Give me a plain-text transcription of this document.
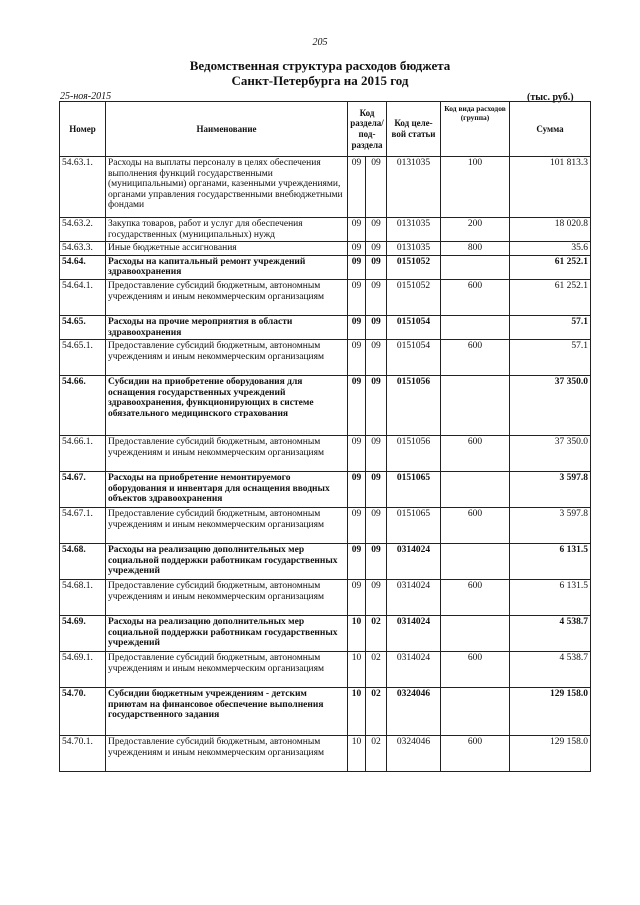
205
Ведомственная структура расходов бюджета
Санкт-Петербурга на 2015 год
25-ноя-2015	(тыс. руб.)
Номер	Наименование	Код раздела/ под- раздела		Код целе- вой статьи	Код вида расходов (группа)	Сумма
54.63.1.	Расходы на выплаты персоналу в целях обеспечения выполнения функций государственными (муниципальными) органами, казенными учреждениями, органами управления государственными внебюджетными фондами	09	09	0131035	100	101 813.3
54.63.2.	Закупка товаров, работ и услуг для обеспечения государственных (муниципальных) нужд	09	09	0131035	200	18 020.8
54.63.3.	Иные бюджетные ассигнования	09	09	0131035	800	35.6
54.64.	Расходы на капитальный ремонт учреждений здравоохранения	09	09	0151052		61 252.1
54.64.1.	Предоставление субсидий бюджетным, автономным учреждениям и иным некоммерческим организациям	09	09	0151052	600	61 252.1
54.65.	Расходы на прочие мероприятия в области здравоохранения	09	09	0151054		57.1
54.65.1.	Предоставление субсидий бюджетным, автономным учреждениям и иным некоммерческим организациям	09	09	0151054	600	57.1
54.66.	Субсидии на приобретение оборудования для оснащения государственных учреждений здравоохранения, функционирующих в системе обязательного медицинского страхования	09	09	0151056		37 350.0
54.66.1.	Предоставление субсидий бюджетным, автономным учреждениям и иным некоммерческим организациям	09	09	0151056	600	37 350.0
54.67.	Расходы на приобретение немонтируемого оборудования и инвентаря для оснащения вводных объектов здравоохранения	09	09	0151065		3 597.8
54.67.1.	Предоставление субсидий бюджетным, автономным учреждениям и иным некоммерческим организациям	09	09	0151065	600	3 597.8
54.68.	Расходы на реализацию дополнительных мер социальной поддержки работникам государственных учреждений	09	09	0314024		6 131.5
54.68.1.	Предоставление субсидий бюджетным, автономным учреждениям и иным некоммерческим организациям	09	09	0314024	600	6 131.5
54.69.	Расходы на реализацию дополнительных мер социальной поддержки работникам государственных учреждений	10	02	0314024		4 538.7
54.69.1.	Предоставление субсидий бюджетным, автономным учреждениям и иным некоммерческим организациям	10	02	0314024	600	4 538.7
54.70.	Субсидии бюджетным учреждениям - детским приютам на финансовое обеспечение выполнения государственного задания	10	02	0324046		129 158.0
54.70.1.	Предоставление субсидий бюджетным, автономным учреждениям и иным некоммерческим организациям	10	02	0324046	600	129 158.0
